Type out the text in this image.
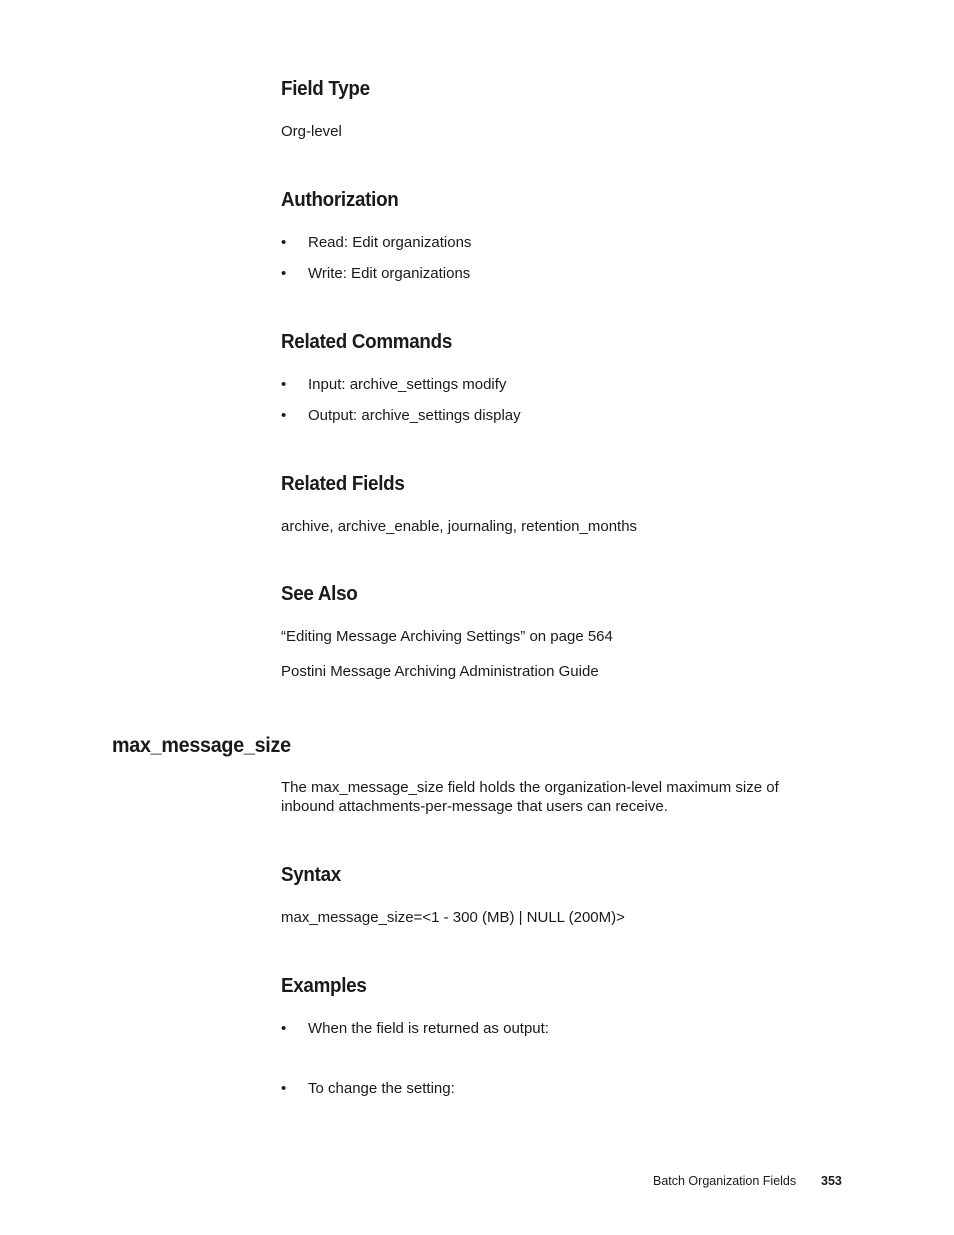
Field Type

Org-level

Authorization
• Read: Edit organizations
• Write: Edit organizations
Related Commands
• Input: archive_settings modify
• Output: archive_settings display
Related Fields

archive, archive_enable, journaling, retention_months

See Also

“Editing Message Archiving Settings” on page 564

Postini Message Archiving Administration Guide

max_message_size

The max_message_size field holds the organization-level maximum size of

inbound attachments-per-message that users can receive.

Syntax

max_message_size=<1 - 300 (MB) | NULL (200M)>

Examples
• When the field is returned as output:
• To change the setting:
Batch Organization Fields 353
